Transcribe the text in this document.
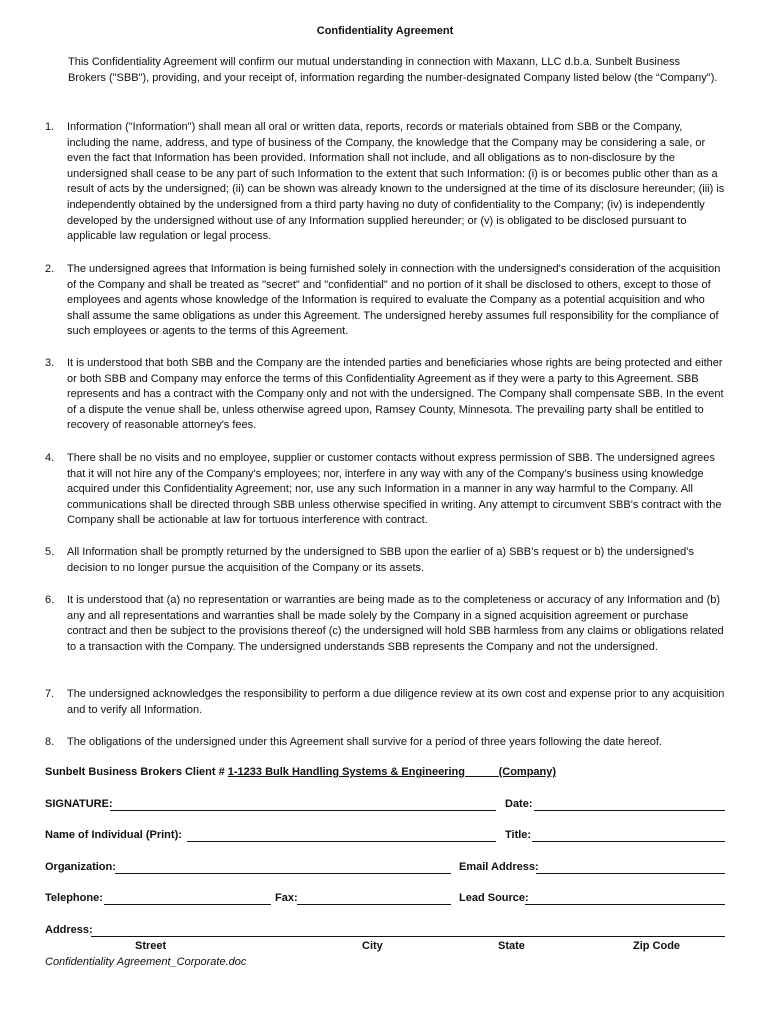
Confidentiality Agreement
This Confidentiality Agreement will confirm our mutual understanding in connection with Maxann, LLC d.b.a. Sunbelt Business Brokers ("SBB"), providing, and your receipt of, information regarding the number-designated Company listed below (the “Company").
1.	Information ("Information") shall mean all oral or written data, reports, records or materials obtained from SBB or the Company, including the name, address, and type of business of the Company, the knowledge that the Company may be considering a sale, or even the fact that Information has been provided. Information shall not include, and all obligations as to non-disclosure by the undersigned shall cease to be any part of such Information to the extent that such Information: (i) is or becomes public other than as a result of acts by the undersigned; (ii) can be shown was already known to the undersigned at the time of its disclosure hereunder; (iii) is independently obtained by the undersigned from a third party having no duty of confidentiality to the Company; (iv) is independently developed by the undersigned without use of any Information supplied hereunder; or (v) is obligated to be disclosed pursuant to applicable law regulation or legal process.
2.	The undersigned agrees that Information is being furnished solely in connection with the undersigned's consideration of the acquisition of the Company and shall be treated as "secret" and "confidential" and no portion of it shall be disclosed to others, except to those of employees and agents whose knowledge of the Information is required to evaluate the Company as a potential acquisition and who shall assume the same obligations as under this Agreement. The undersigned hereby assumes full responsibility for the compliance of such employees or agents to the terms of this Agreement.
3.	It is understood that both SBB and the Company are the intended parties and beneficiaries whose rights are being protected and either or both SBB and Company may enforce the terms of this Confidentiality Agreement as if they were a party to this Agreement. SBB represents and has a contract with the Company only and not with the undersigned. The Company shall compensate SBB. In the event of a dispute the venue shall be, unless otherwise agreed upon, Ramsey County, Minnesota. The prevailing party shall be entitled to recovery of reasonable attorney's fees.
4.	There shall be no visits and no employee, supplier or customer contacts without express permission of SBB. The undersigned agrees that it will not hire any of the Company's employees; nor, interfere in any way with any of the Company’s business using knowledge acquired under this Confidentiality Agreement; nor, use any such Information in a manner in any way harmful to the Company. All communications shall be directed through SBB unless otherwise specified in writing. Any attempt to circumvent SBB's contract with the Company shall be actionable at law for tortuous interference with contract.
5.	All Information shall be promptly returned by the undersigned to SBB upon the earlier of a) SBB’s request or b) the undersigned’s decision to no longer pursue the acquisition of the Company or its assets.
6.	It is understood that (a) no representation or warranties are being made as to the completeness or accuracy of any Information and (b) any and all representations and warranties shall be made solely by the Company in a signed acquisition agreement or purchase contract and then be subject to the provisions thereof (c) the undersigned will hold SBB harmless from any claims or obligations related to a transaction with the Company. The undersigned understands SBB represents the Company and not the undersigned.
7.	The undersigned acknowledges the responsibility to perform a due diligence review at its own cost and expense prior to any acquisition and to verify all Information.
8.	The obligations of the undersigned under this Agreement shall survive for a period of three years following the date hereof.
Sunbelt Business Brokers Client # 1-1233 Bulk Handling Systems & Engineering	(Company)
SIGNATURE:	Date:
Name of Individual (Print):	Title:
Organization:	Email Address:
Telephone:	Fax:	Lead Source:
Address:
Street	City	State	Zip Code
Confidentiality Agreement_Corporate.doc
